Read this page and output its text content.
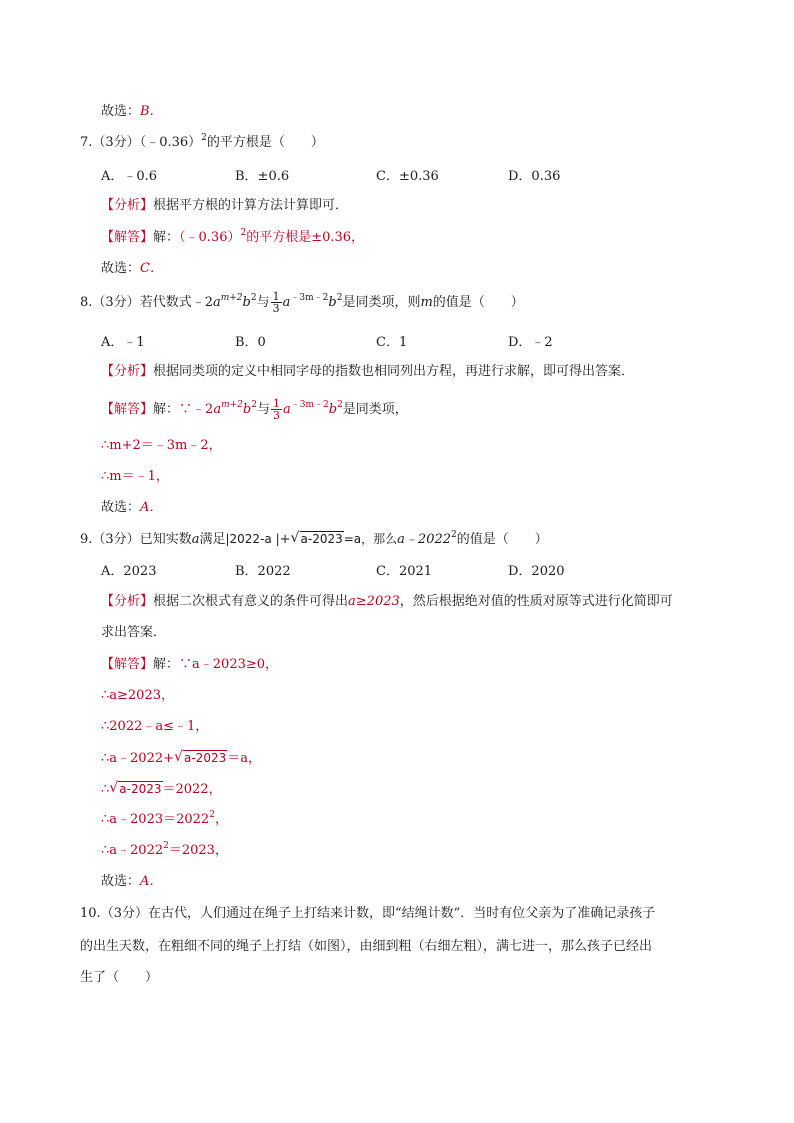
故选：B.
7.（3分）（﹣0.36）$^2$的平方根是（　　）
A．﹣0.6	B．±0.6	C．±0.36	D．0.36
【分析】根据平方根的计算方法计算即可．
【解答】解：（﹣0.36）$^2$的平方根是±0.36，
故选：C．
8.（3分）若代数式$﹣2a^{m+2}b^2$与 $\frac{1}{3} a^{﹣3m﹣2}b^2$是同类项，则m的值是（　　）
A．﹣1	B．0	C．1	D．﹣2
【分析】根据同类项的定义中相同字母的指数也相同列出方程，再进行求解，即可得出答案．
【解答】解：$\because﹣2a^{m+2}b^2$与 $\frac{1}{3} a^{﹣3m﹣2}b^2$是同类项，
∴m+2＝﹣3m﹣2，
∴m＝﹣1，
故选：A．
9.（3分）已知实数a满足|2022-a |+ √ a-2023=a，那么a﹣2022$^2$的值是（　　）
A．2023	B．2022	C．2021	D．2020
【分析】根据二次根式有意义的条件可得出a≥2023，然后根据绝对值的性质对原等式进行化简即可
求出答案．
【解答】解：∵a﹣2023≥0，
∴a≥2023，
∴2022﹣a≤﹣1，
∴a﹣2022+ √ a-2023＝a，
∴ √ a-2023＝2022，
$\therefore a﹣2023=2022^2$，
$\therefore a﹣2022^2=2023$，
故选：A．
10.（3分）在古代，人们通过在绳子上打结来计数，即“结绳计数”．当时有位父亲为了准确记录孩子
的出生天数，在粗细不同的绳子上打结（如图），由细到粗（右细左粗），满七进一，那么孩子已经出
生了（　　）
